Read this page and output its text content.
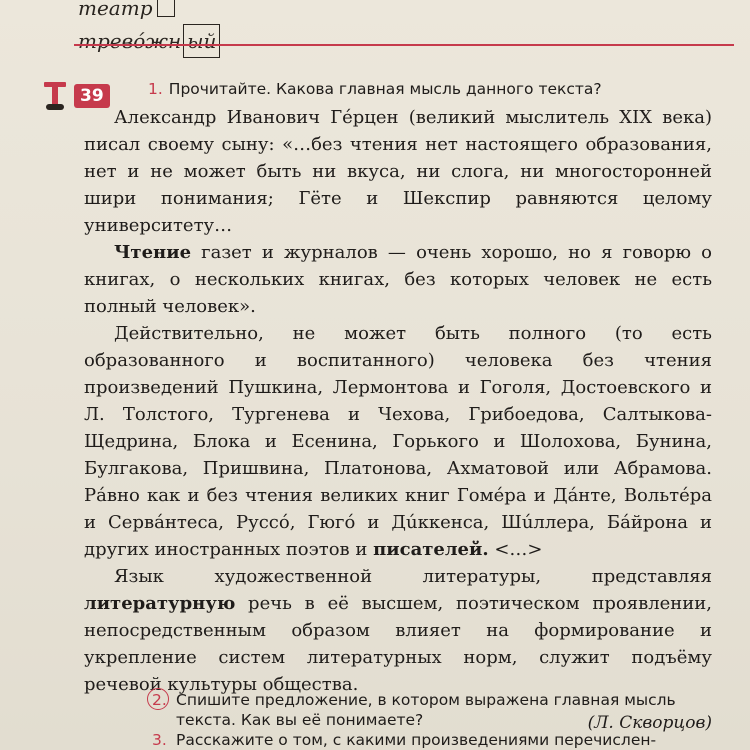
театр
тревóжн ый
39	1. Прочитайте. Какова главная мысль данного текста?

Александр Иванович Гéрцен (великий мыслитель XIX века) писал своему сыну: «…без чтения нет настоящего образования, нет и не может быть ни вкуса, ни слога, ни многосторонней шири понимания; Гёте и Шекспир равняются целому университету…

Чтение газет и журналов — очень хорошо, но я говорю о книгах, о нескольких книгах, без которых человек не есть полный человек».

Действительно, не может быть полного (то есть образованного и воспитанного) человека без чтения произведений Пушкина, Лермонтова и Гоголя, Достоевского и Л. Толстого, Тургенева и Чехова, Грибоедова, Салтыкова-Щедрина, Блока и Есенина, Горького и Шолохова, Бунина, Булгакова, Пришвина, Платонова, Ахматовой или Абрамова. Рáвно как и без чтения великих книг Гомéра и Дáнте, Вольтéра и Сервáнтеса, Руссó, Гюгó и Дúккенса, Шúллера, Бáйрона и других иностранных поэтов и писателей. <…>

Язык художественной литературы, представляя литературную речь в её высшем, поэтическом проявлении, непосредственным образом влияет на формирование и укрепление систем литературных норм, служит подъёму речевой культуры общества.

(Л. Скворцов)
2. Спишите предложение, в котором выражена главная мысль текста. Как вы её понимаете?
3. Расскажите о том, с какими произведениями перечислен-
